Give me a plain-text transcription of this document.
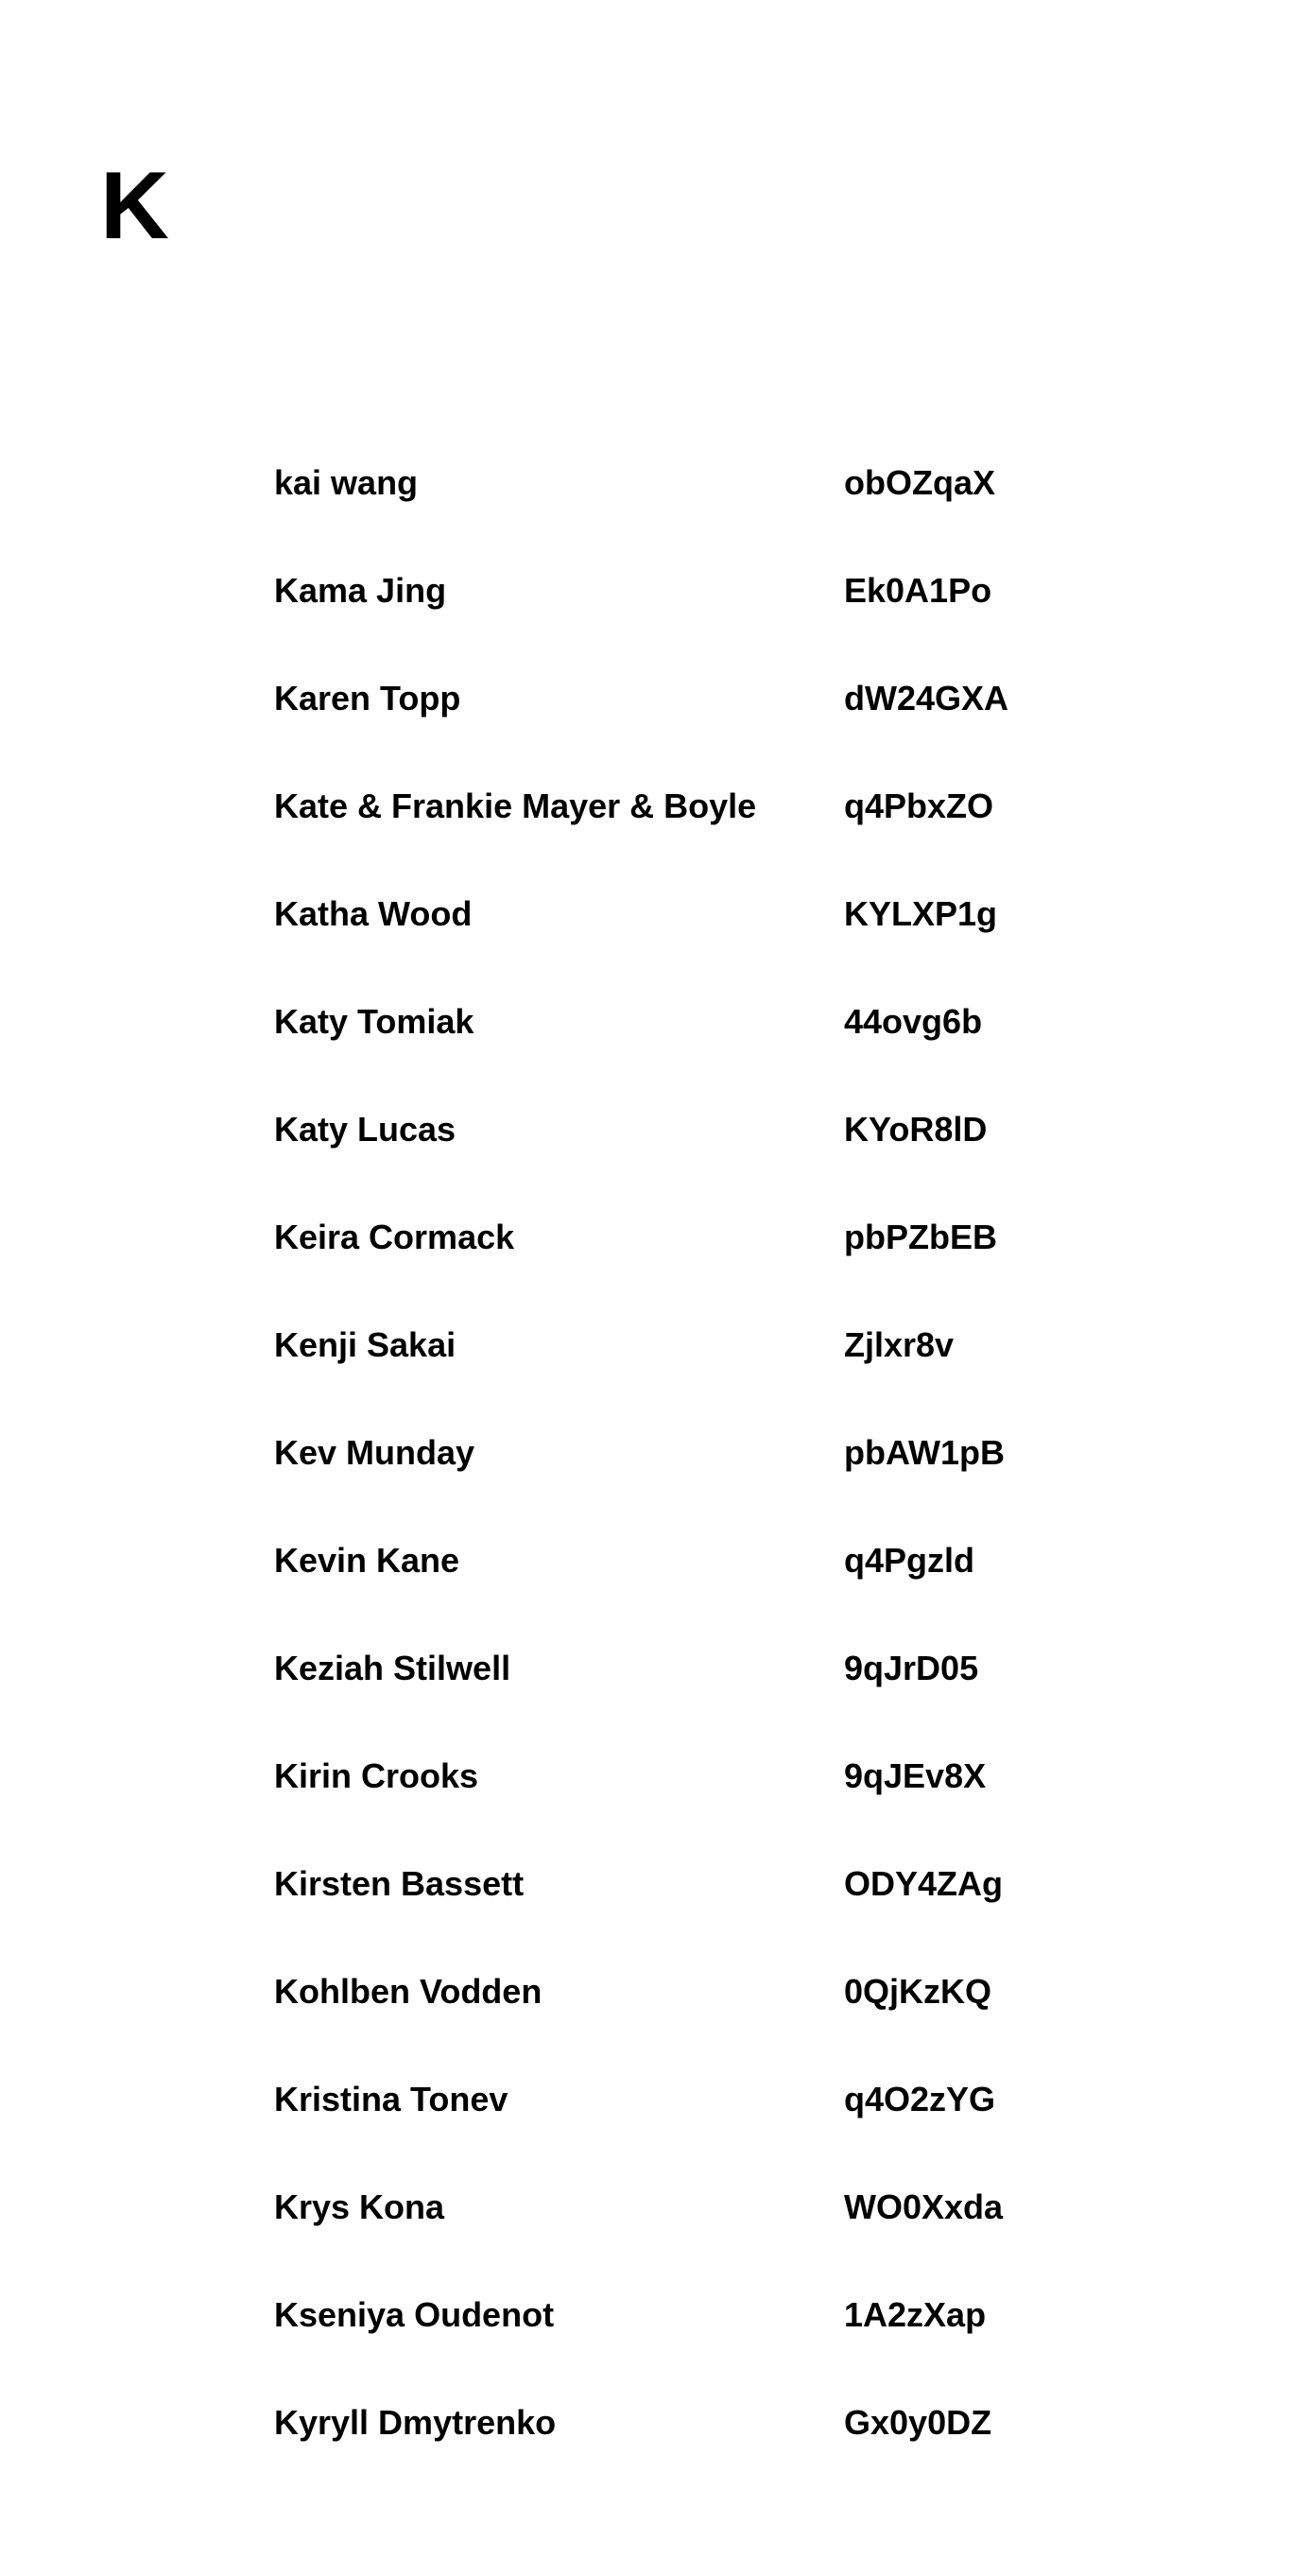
K
kai wang	obOZqaX
Kama Jing	Ek0A1Po
Karen Topp	dW24GXA
Kate & Frankie Mayer & Boyle	q4PbxZO
Katha Wood	KYLXP1g
Katy Tomiak	44ovg6b
Katy Lucas	KYoR8lD
Keira Cormack	pbPZbEB
Kenji Sakai	Zjlxr8v
Kev Munday	pbAW1pB
Kevin Kane	q4Pgzld
Keziah Stilwell	9qJrD05
Kirin Crooks	9qJEv8X
Kirsten Bassett	ODY4ZAg
Kohlben Vodden	0QjKzKQ
Kristina Tonev	q4O2zYG
Krys Kona	WO0Xxda
Kseniya Oudenot	1A2zXap
Kyryll Dmytrenko	Gx0y0DZ
